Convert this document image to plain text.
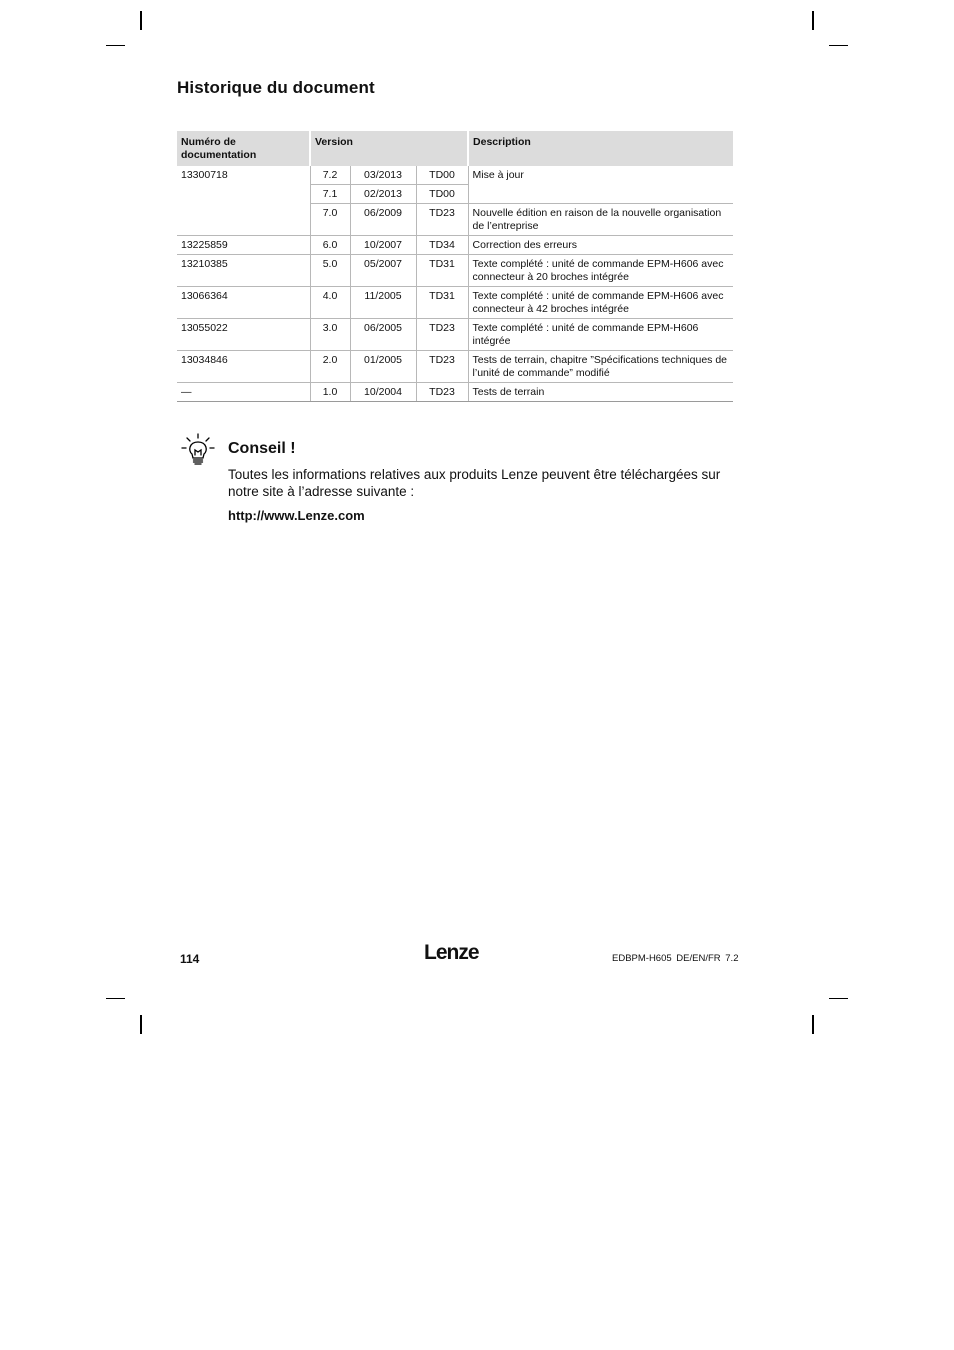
Historique du document
Numéro de documentation	Version			Description
13300718	7.2	03/2013	TD00	Mise à jour
	7.1	02/2013	TD00	
	7.0	06/2009	TD23	Nouvelle édition en raison de la nouvelle organisation de l’entreprise
13225859	6.0	10/2007	TD34	Correction des erreurs
13210385	5.0	05/2007	TD31	Texte complété : unité de commande EPM-H606 avec connecteur à 20 broches intégrée
13066364	4.0	11/2005	TD31	Texte complété : unité de commande EPM-H606 avec connecteur à 42 broches intégrée
13055022	3.0	06/2005	TD23	Texte complété : unité de commande EPM-H606 intégrée
13034846	2.0	01/2005	TD23	Tests de terrain, chapitre ”Spécifications techniques de l’unité de commande” modifié
—	1.0	10/2004	TD23	Tests de terrain
Conseil !

Toutes les informations relatives aux produits Lenze peuvent être téléchargées sur notre site à l’adresse suivante :

http://www.Lenze.com

114	Lenze	EDBPM-H605 DE/EN/FR 7.2
